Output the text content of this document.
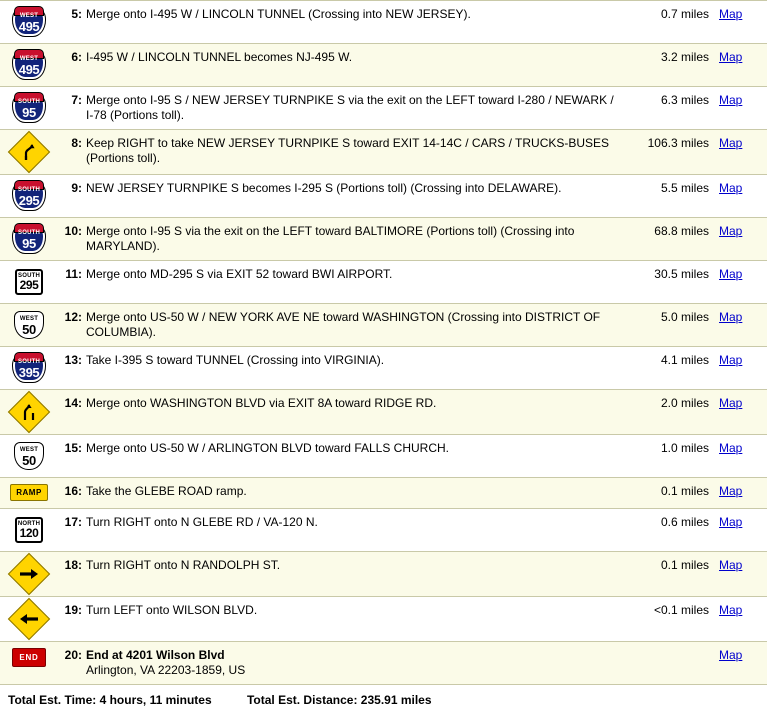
WEST
495	5:	Merge onto I-495 W / LINCOLN TUNNEL (Crossing into NEW JERSEY).	0.7 miles	Map

WEST
495	6:	I-495 W / LINCOLN TUNNEL becomes NJ-495 W.	3.2 miles	Map

SOUTH
95	7:	Merge onto I-95 S / NEW JERSEY TURNPIKE S via the exit on the LEFT toward I-280 / NEWARK / I-78 (Portions toll).	6.3 miles	Map

	8:	Keep RIGHT to take NEW JERSEY TURNPIKE S toward EXIT 14-14C / CARS / TRUCKS-BUSES (Portions toll).	106.3 miles	Map

SOUTH
295	9:	NEW JERSEY TURNPIKE S becomes I-295 S (Portions toll) (Crossing into DELAWARE).	5.5 miles	Map

SOUTH
95	10:	Merge onto I-95 S via the exit on the LEFT toward BALTIMORE (Portions toll) (Crossing into MARYLAND).	68.8 miles	Map

SOUTH
295	11:	Merge onto MD-295 S via EXIT 52 toward BWI AIRPORT.	30.5 miles	Map

WEST
50	12:	Merge onto US-50 W / NEW YORK AVE NE toward WASHINGTON (Crossing into DISTRICT OF COLUMBIA).	5.0 miles	Map

SOUTH
395	13:	Take I-395 S toward TUNNEL (Crossing into VIRGINIA).	4.1 miles	Map

	14:	Merge onto WASHINGTON BLVD via EXIT 8A toward RIDGE RD.	2.0 miles	Map

WEST
50	15:	Merge onto US-50 W / ARLINGTON BLVD toward FALLS CHURCH.	1.0 miles	Map
RAMP	16:	Take the GLEBE ROAD ramp.	0.1 miles	Map

NORTH
120	17:	Turn RIGHT onto N GLEBE RD / VA-120 N.	0.6 miles	Map

	18:	Turn RIGHT onto N RANDOLPH ST.	0.1 miles	Map

	19:	Turn LEFT onto WILSON BLVD.	<0.1 miles	Map
END	20:	End at 4201 Wilson Blvd
Arlington, VA 22203-1859, US		Map
Total Est. Time: 4 hours, 11 minutes	Total Est. Distance: 235.91 miles
